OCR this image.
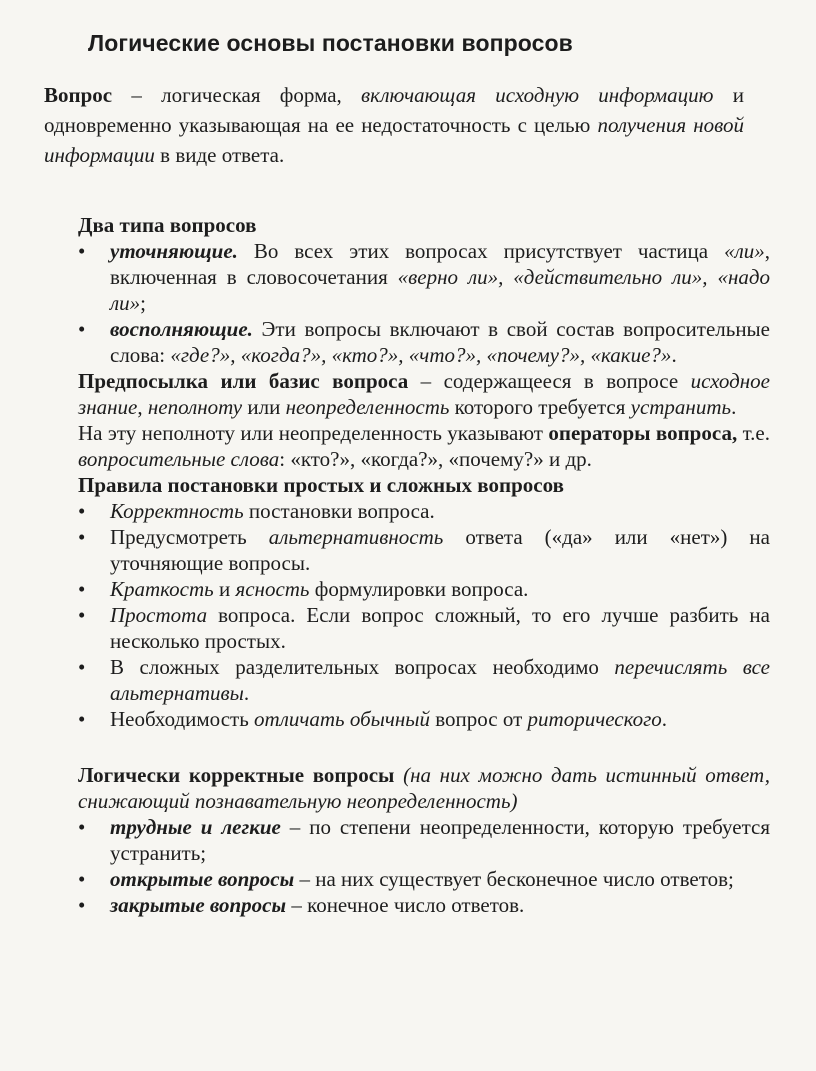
Логические основы постановки вопросов

Вопрос – логическая форма, включающая исходную информацию и одновременно указывающая на ее недостаточность с целью получения новой информации в виде ответа.

Два типа вопросов

• уточняющие. Во всех этих вопросах присутствует частица «ли», включенная в словосочетания «верно ли», «действительно ли», «надо ли»;
• восполняющие. Эти вопросы включают в свой состав вопросительные слова: «где?», «когда?», «кто?», «что?», «почему?», «какие?».

Предпосылка или базис вопроса – содержащееся в вопросе исходное знание, неполноту или неопределенность которого требуется устранить.

На эту неполноту или неопределенность указывают операторы вопроса, т.е. вопросительные слова: «кто?», «когда?», «почему?» и др.

Правила постановки простых и сложных вопросов

• Корректность постановки вопроса.
• Предусмотреть альтернативность ответа («да» или «нет») на уточняющие вопросы.
• Краткость и ясность формулировки вопроса.
• Простота вопроса. Если вопрос сложный, то его лучше разбить на несколько простых.
• В сложных разделительных вопросах необходимо перечислять все альтернативы.
• Необходимость отличать обычный вопрос от риторического.

Логически корректные вопросы (на них можно дать истинный ответ, снижающий познавательную неопределенность)

• трудные и легкие – по степени неопределенности, которую требуется устранить;
• открытые вопросы – на них существует бесконечное число ответов;
• закрытые вопросы – конечное число ответов.
